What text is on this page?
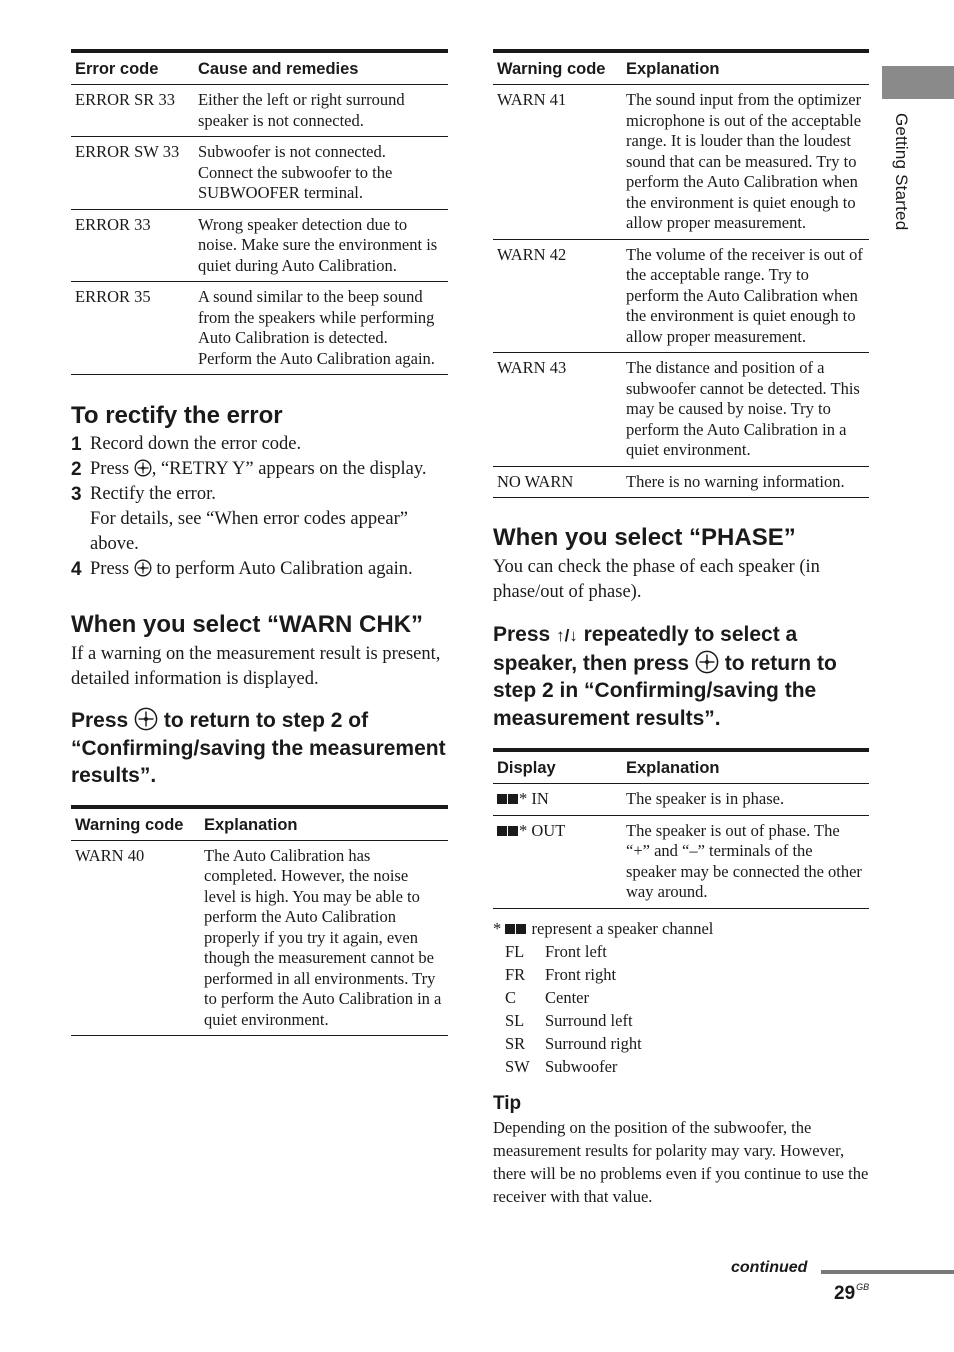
Getting Started
Error code	Cause and remedies
ERROR SR 33	Either the left or right surround speaker is not connected.
ERROR SW 33	Subwoofer is not connected. Connect the subwoofer to the SUBWOOFER terminal.
ERROR 33	Wrong speaker detection due to noise. Make sure the environment is quiet during Auto Calibration.
ERROR 35	A sound similar to the beep sound from the speakers while performing Auto Calibration is detected. Perform the Auto Calibration again.
To rectify the error
1 Record down the error code.
2 Press
, “RETRY Y” appears on the display.
3 Rectify the error.
For details, see “When error codes appear” above.
4 Press
to perform Auto Calibration again.
When you select “WARN CHK”

If a warning on the measurement result is present, detailed information is displayed.

Press
to return to step 2 of “Confirming/saving the measurement results”.
Warning code	Explanation
WARN 40	The Auto Calibration has completed. However, the noise level is high. You may be able to perform the Auto Calibration properly if you try it again, even though the measurement cannot be performed in all environments. Try to perform the Auto Calibration in a quiet environment.
Warning code	Explanation
WARN 41	The sound input from the optimizer microphone is out of the acceptable range. It is louder than the loudest sound that can be measured. Try to perform the Auto Calibration when the environment is quiet enough to allow proper measurement.
WARN 42	The volume of the receiver is out of the acceptable range. Try to perform the Auto Calibration when the environment is quiet enough to allow proper measurement.
WARN 43	The distance and position of a subwoofer cannot be detected. This may be caused by noise. Try to perform the Auto Calibration in a quiet environment.
NO WARN	There is no warning information.
When you select “PHASE”

You can check the phase of each speaker (in phase/out of phase).

Press ↑/↓ repeatedly to select a speaker, then press
to return to step 2 in “Confirming/saving the measurement results”.
Display	Explanation
* IN	The speaker is in phase.
* OUT	The speaker is out of phase. The “+” and “–” terminals of the speaker may be connected the other way around.
*  represent a speaker channel
FL	Front left
FR	Front right
C	Center
SL	Surround left
SR	Surround right
SW Subwoofer
Tip

Depending on the position of the subwoofer, the measurement results for polarity may vary. However, there will be no problems even if you continue to use the receiver with that value.

continued
$29^{GB}$
